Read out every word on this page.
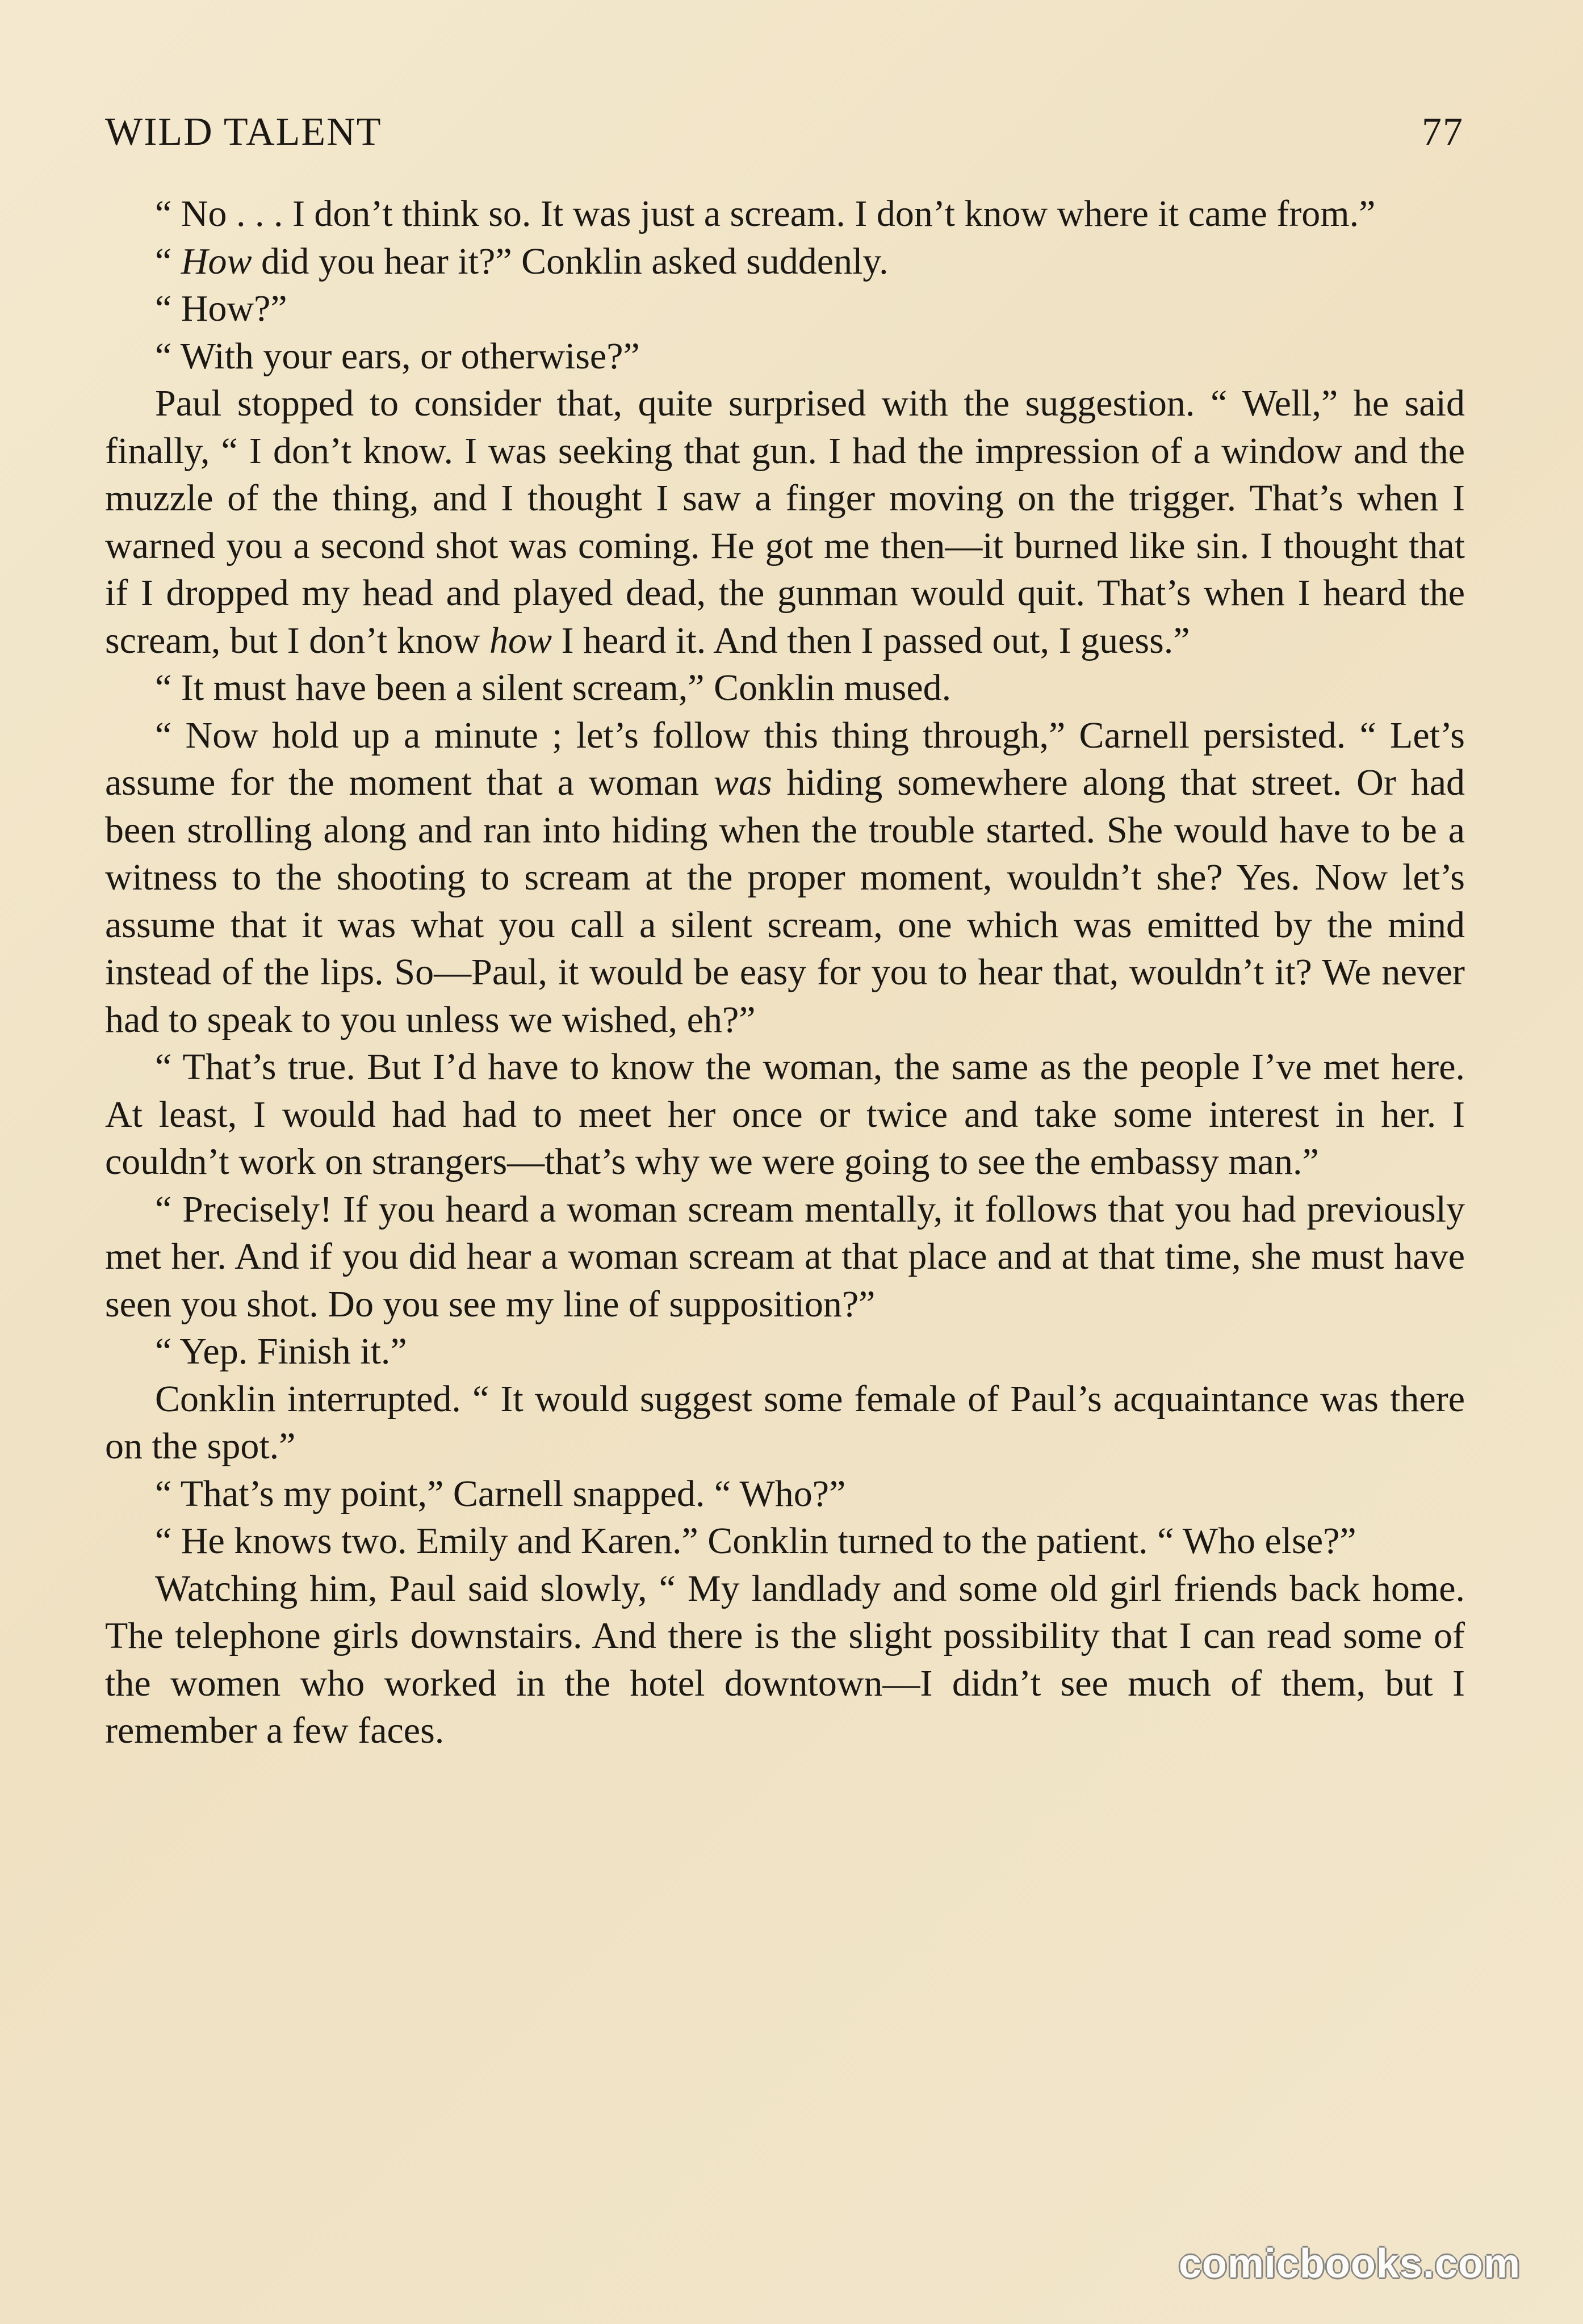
WILD TALENT	77

“ No . . . I don’t think so. It was just a scream. I don’t know where it came from.”

“ How did you hear it?” Conklin asked suddenly.

“ How?”

“ With your ears, or otherwise?”

Paul stopped to consider that, quite surprised with the suggestion. “ Well,” he said finally, “ I don’t know. I was seeking that gun. I had the impression of a window and the muzzle of the thing, and I thought I saw a finger moving on the trigger. That’s when I warned you a second shot was coming. He got me then—it burned like sin. I thought that if I dropped my head and played dead, the gunman would quit. That’s when I heard the scream, but I don’t know how I heard it. And then I passed out, I guess.”

“ It must have been a silent scream,” Conklin mused.

“ Now hold up a minute ; let’s follow this thing through,” Carnell persisted. “ Let’s assume for the moment that a woman was hiding somewhere along that street. Or had been strolling along and ran into hiding when the trouble started. She would have to be a witness to the shooting to scream at the proper moment, wouldn’t she? Yes. Now let’s assume that it was what you call a silent scream, one which was emitted by the mind instead of the lips. So—Paul, it would be easy for you to hear that, wouldn’t it? We never had to speak to you unless we wished, eh?”

“ That’s true. But I’d have to know the woman, the same as the people I’ve met here. At least, I would had had to meet her once or twice and take some interest in her. I couldn’t work on strangers—that’s why we were going to see the embassy man.”

“ Precisely! If you heard a woman scream mentally, it follows that you had previously met her. And if you did hear a woman scream at that place and at that time, she must have seen you shot. Do you see my line of supposition?”

“ Yep. Finish it.”

Conklin interrupted. “ It would suggest some female of Paul’s acquaintance was there on the spot.”

“ That’s my point,” Carnell snapped. “ Who?”

“ He knows two. Emily and Karen.” Conklin turned to the patient. “ Who else?”

Watching him, Paul said slowly, “ My landlady and some old girl friends back home. The telephone girls downstairs. And there is the slight possibility that I can read some of the women who worked in the hotel downtown—I didn’t see much of them, but I remember a few faces.

comicbooks.com
